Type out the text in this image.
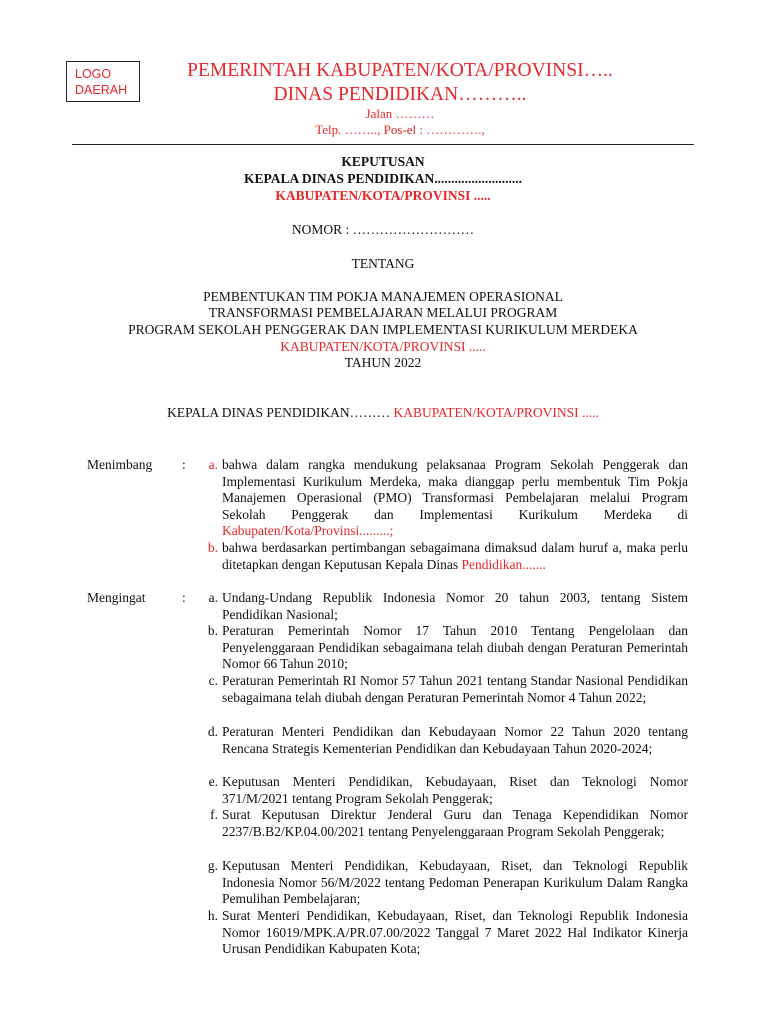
LOGO
DAERAH
PEMERINTAH KABUPATEN/KOTA/PROVINSI…..
DINAS PENDIDIKAN………..
Jalan ………
Telp. …….., Pos-el : ………….,
KEPUTUSAN
KEPALA DINAS PENDIDIKAN..........................
KABUPATEN/KOTA/PROVINSI .....
NOMOR : ………………………
TENTANG
PEMBENTUKAN TIM POKJA MANAJEMEN OPERASIONAL
TRANSFORMASI PEMBELAJARAN MELALUI PROGRAM
PROGRAM SEKOLAH PENGGERAK DAN IMPLEMENTASI KURIKULUM MERDEKA
KABUPATEN/KOTA/PROVINSI .....
TAHUN 2022
KEPALA DINAS PENDIDIKAN……… KABUPATEN/KOTA/PROVINSI .....
Menimbang :	a. bahwa dalam rangka mendukung pelaksanaa Program Sekolah Penggerak dan Implementasi Kurikulum Merdeka, maka dianggap perlu membentuk Tim Pokja Manajemen Operasional (PMO) Transformasi Pembelajaran melalui Program Sekolah Penggerak dan Implementasi Kurikulum Merdeka di Kabupaten/Kota/Provinsi.........;
b. bahwa berdasarkan pertimbangan sebagaimana dimaksud dalam huruf a, maka perlu ditetapkan dengan Keputusan Kepala Dinas Pendidikan.......
Mengingat	:	a. Undang-Undang Republik Indonesia Nomor 20 tahun 2003, tentang Sistem Pendidikan Nasional;
b. Peraturan Pemerintah Nomor 17 Tahun 2010 Tentang Pengelolaan dan Penyelenggaraan Pendidikan sebagaimana telah diubah dengan Peraturan Pemerintah Nomor 66 Tahun 2010;
c. Peraturan Pemerintah RI Nomor 57 Tahun 2021 tentang Standar Nasional Pendidikan sebagaimana telah diubah dengan Peraturan Pemerintah Nomor 4 Tahun 2022;
d. Peraturan Menteri Pendidikan dan Kebudayaan Nomor 22 Tahun 2020 tentang Rencana Strategis Kementerian Pendidikan dan Kebudayaan Tahun 2020-2024;
e. Keputusan Menteri Pendidikan, Kebudayaan, Riset dan Teknologi Nomor 371/M/2021 tentang Program Sekolah Penggerak;
f. Surat Keputusan Direktur Jenderal Guru dan Tenaga Kependidikan Nomor 2237/B.B2/KP.04.00/2021 tentang Penyelenggaraan Program Sekolah Penggerak;
g. Keputusan Menteri Pendidikan, Kebudayaan, Riset, dan Teknologi Republik Indonesia Nomor 56/M/2022 tentang Pedoman Penerapan Kurikulum Dalam Rangka Pemulihan Pembelajaran;
h. Surat Menteri Pendidikan, Kebudayaan, Riset, dan Teknologi Republik Indonesia Nomor 16019/MPK.A/PR.07.00/2022 Tanggal 7 Maret 2022 Hal Indikator Kinerja Urusan Pendidikan Kabupaten Kota;
